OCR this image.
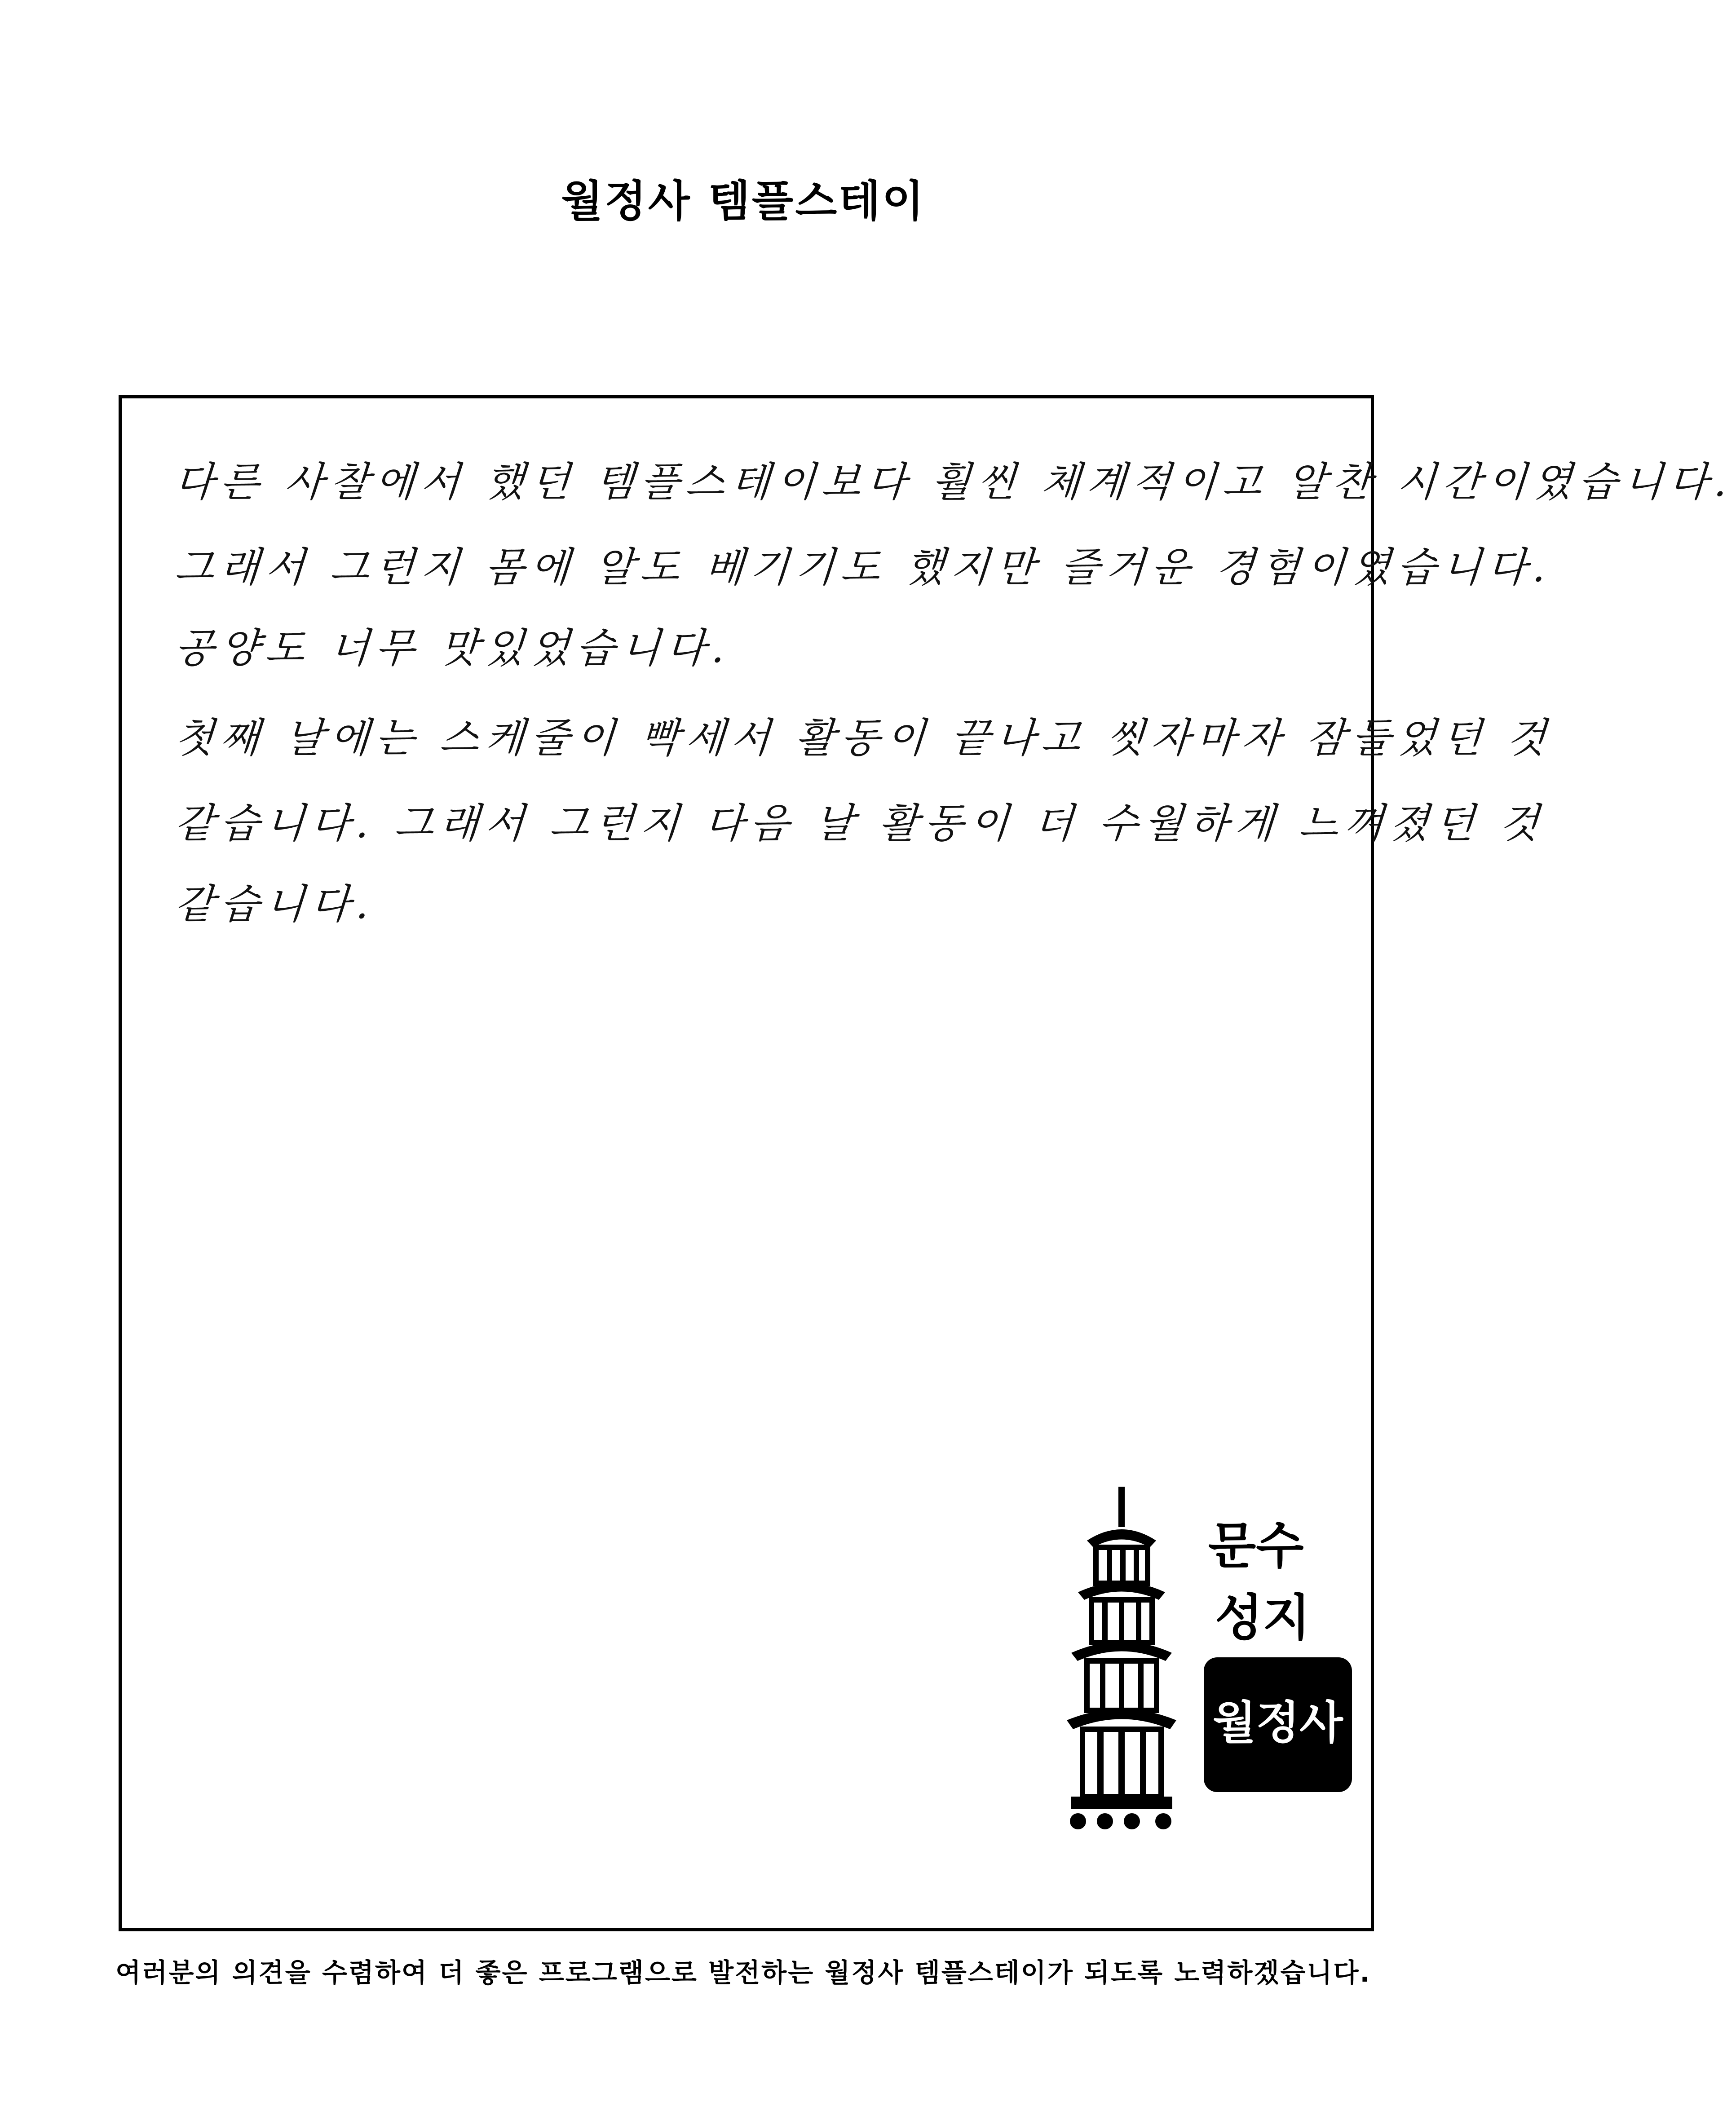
월정사 템플스테이
다른 사찰에서 했던 템플스테이보다 훨씬 체계적이고 알찬 시간이였습니다.
그래서 그런지 몸에 알도 베기기도 했지만 즐거운 경험이였습니다.
공양도 너무 맛있었습니다.
첫째 날에는 스케줄이 빡세서 활동이 끝나고 씻자마자 잠들었던 것
같습니다. 그래서 그런지 다음 날 활동이 더 수월하게 느껴졌던 것
같습니다.
문수
성지
월정사
여러분의 의견을 수렴하여 더 좋은 프로그램으로 발전하는 월정사 템플스테이가 되도록 노력하겠습니다.
